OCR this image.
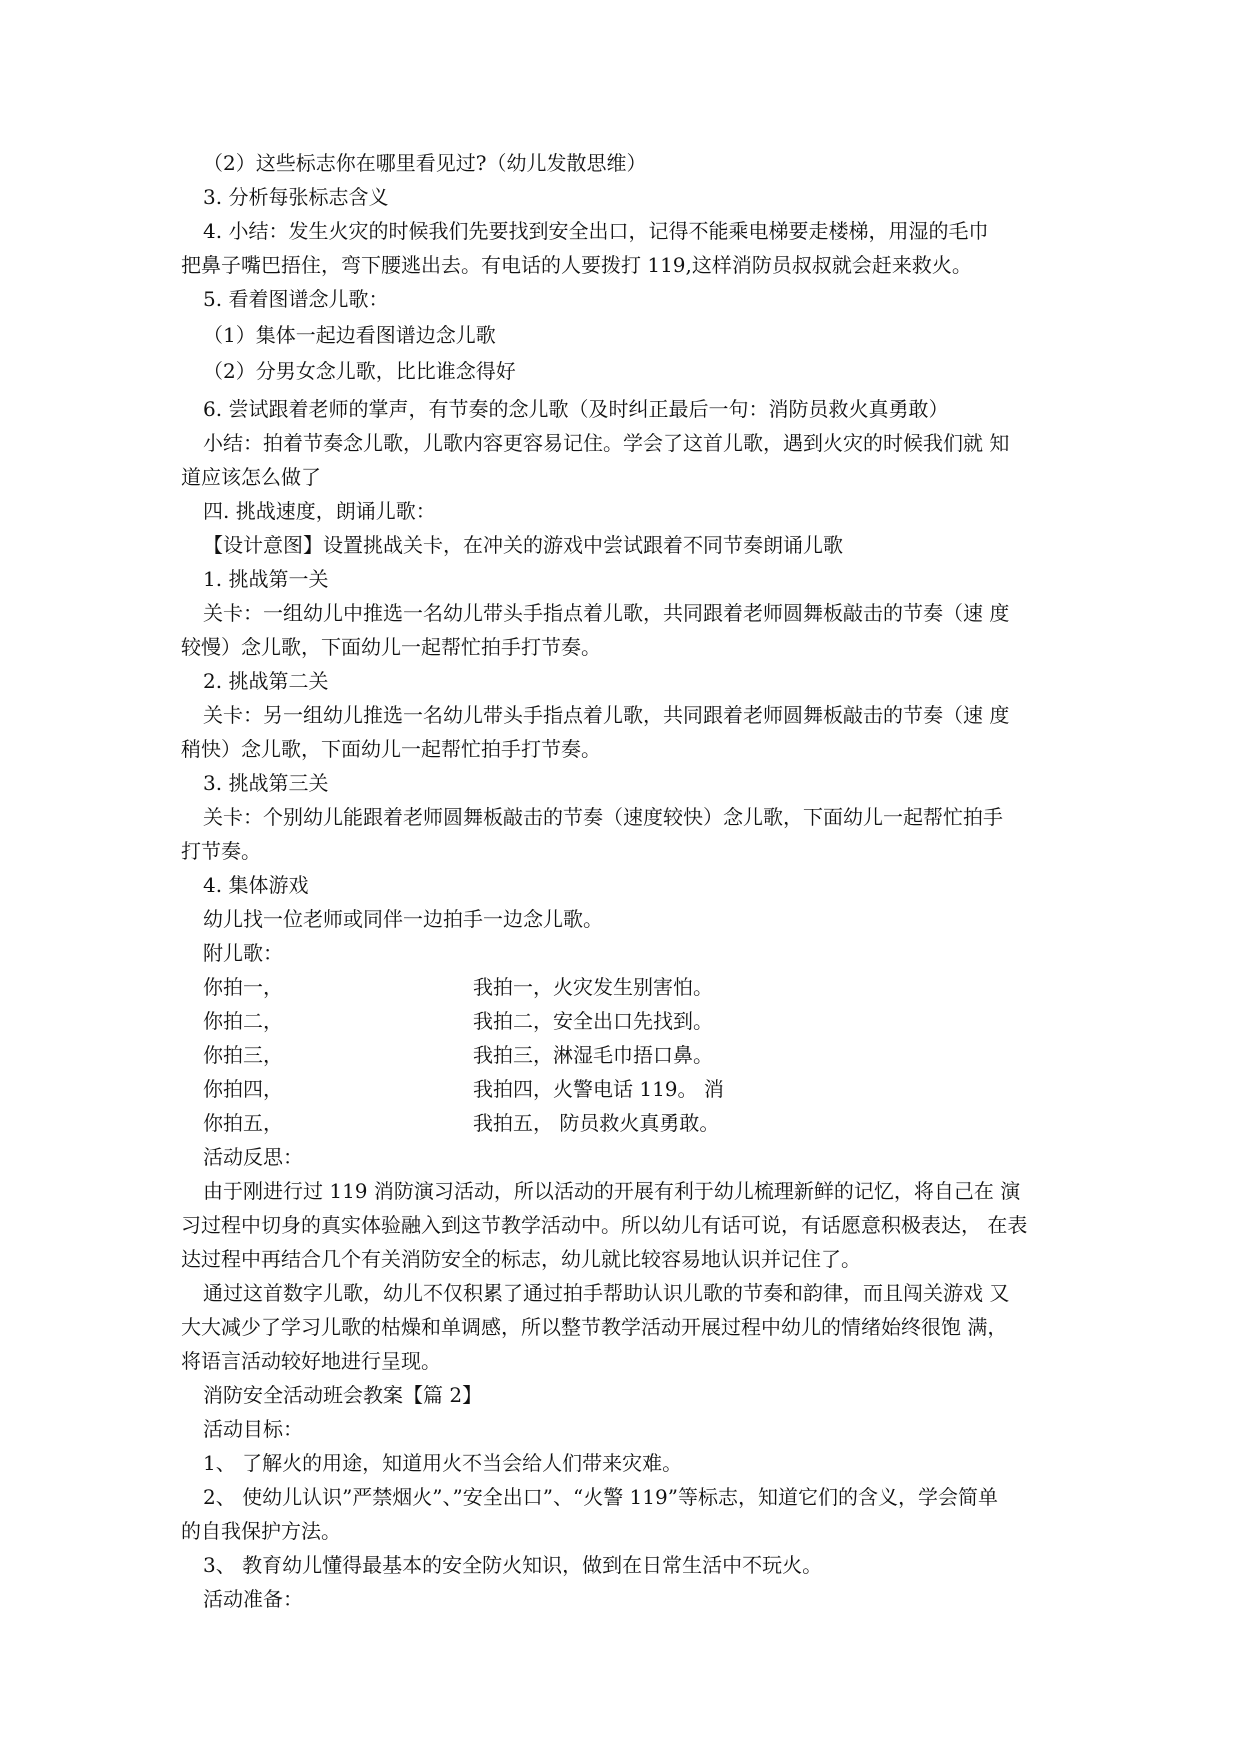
（2）这些标志你在哪里看见过?（幼儿发散思维）
3. 分析每张标志含义
4. 小结：发生火灾的时候我们先要找到安全出口，记得不能乘电梯要走楼梯，用湿的毛巾
把鼻子嘴巴捂住，弯下腰逃出去。有电话的人要拨打 119,这样消防员叔叔就会赶来救火。
5. 看着图谱念儿歌：
（1）集体一起边看图谱边念儿歌
（2）分男女念儿歌，比比谁念得好
6. 尝试跟着老师的掌声，有节奏的念儿歌（及时纠正最后一句：消防员救火真勇敢）
小结：拍着节奏念儿歌，儿歌内容更容易记住。学会了这首儿歌，遇到火灾的时候我们就 知
道应该怎么做了
四. 挑战速度，朗诵儿歌：
【设计意图】设置挑战关卡，在冲关的游戏中尝试跟着不同节奏朗诵儿歌
1. 挑战第一关
关卡：一组幼儿中推选一名幼儿带头手指点着儿歌，共同跟着老师圆舞板敲击的节奏（速 度
较慢）念儿歌，下面幼儿一起帮忙拍手打节奏。
2. 挑战第二关
关卡：另一组幼儿推选一名幼儿带头手指点着儿歌，共同跟着老师圆舞板敲击的节奏（速 度
稍快）念儿歌，下面幼儿一起帮忙拍手打节奏。
3. 挑战第三关
关卡：个别幼儿能跟着老师圆舞板敲击的节奏（速度较快）念儿歌，下面幼儿一起帮忙拍手
打节奏。
4. 集体游戏
幼儿找一位老师或同伴一边拍手一边念儿歌。
附儿歌：
你拍一，	我拍一，火灾发生别害怕。
你拍二，	我拍二，安全出口先找到。
你拍三，	我拍三，淋湿毛巾捂口鼻。
你拍四，	我拍四，火警电话 119。 消
你拍五，	我拍五， 防员救火真勇敢。
活动反思：
由于刚进行过 119 消防演习活动，所以活动的开展有利于幼儿梳理新鲜的记忆，将自己在 演
习过程中切身的真实体验融入到这节教学活动中。所以幼儿有话可说，有话愿意积极表达， 在表
达过程中再结合几个有关消防安全的标志，幼儿就比较容易地认识并记住了。
通过这首数字儿歌，幼儿不仅积累了通过拍手帮助认识儿歌的节奏和韵律，而且闯关游戏 又
大大减少了学习儿歌的枯燥和单调感，所以整节教学活动开展过程中幼儿的情绪始终很饱 满，
将语言活动较好地进行呈现。
消防安全活动班会教案【篇 2】
活动目标：
1、 了解火的用途，知道用火不当会给人们带来灾难。
2、 使幼儿认识”严禁烟火”、”安全出口”、“火警 119”等标志，知道它们的含义，学会简单
的自我保护方法。
3、 教育幼儿懂得最基本的安全防火知识，做到在日常生活中不玩火。
活动准备：
